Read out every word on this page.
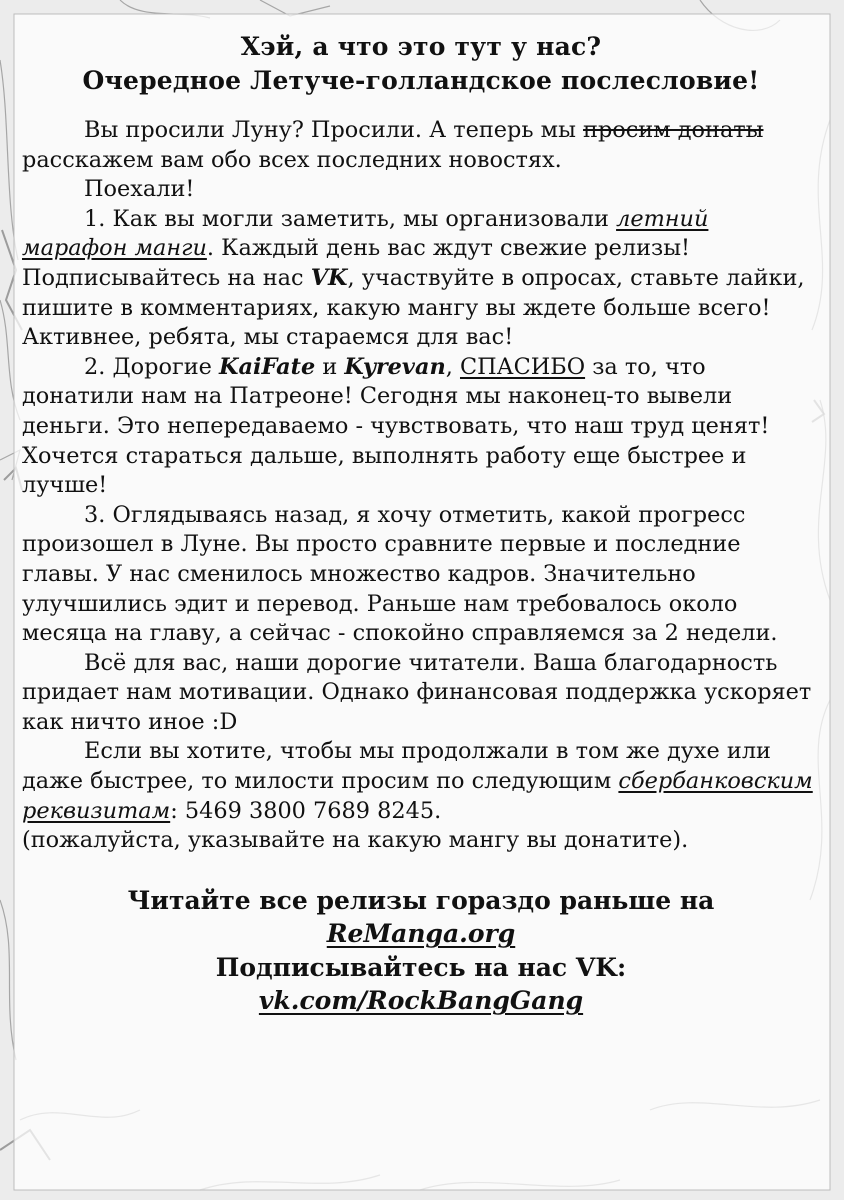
Хэй, а что это тут у нас?
Очередное Летуче-голландское послесловие!

Вы просили Луну? Просили. А теперь мы просим донаты расскажем вам обо всех последних новостях.

Поехали!

1. Как вы могли заметить, мы организовали летний марафон манги. Каждый день вас ждут свежие релизы! Подписывайтесь на нас VK, участвуйте в опросах, ставьте лайки, пишите в комментариях, какую мангу вы ждете больше всего! Активнее, ребята, мы стараемся для вас!

2. Дорогие KaiFate и Kyrevan, СПАСИБО за то, что донатили нам на Патреоне! Сегодня мы наконец-то вывели деньги. Это непередаваемо - чувствовать, что наш труд ценят! Хочется стараться дальше, выполнять работу еще быстрее и лучше!

3. Оглядываясь назад, я хочу отметить, какой прогресс произошел в Луне. Вы просто сравните первые и последние главы. У нас сменилось множество кадров. Значительно улучшились эдит и перевод. Раньше нам требовалось около месяца на главу, а сейчас - спокойно справляемся за 2 недели.

Всё для вас, наши дорогие читатели. Ваша благодарность придает нам мотивации. Однако финансовая поддержка ускоряет как ничто иное :D

Если вы хотите, чтобы мы продолжали в том же духе или даже быстрее, то милости просим по следующим сбербанковским реквизитам: 5469 3800 7689 8245.

(пожалуйста, указывайте на какую мангу вы донатите).

Читайте все релизы гораздо раньше на
ReManga.org
Подписывайтесь на нас VK:
vk.com/RockBangGang
